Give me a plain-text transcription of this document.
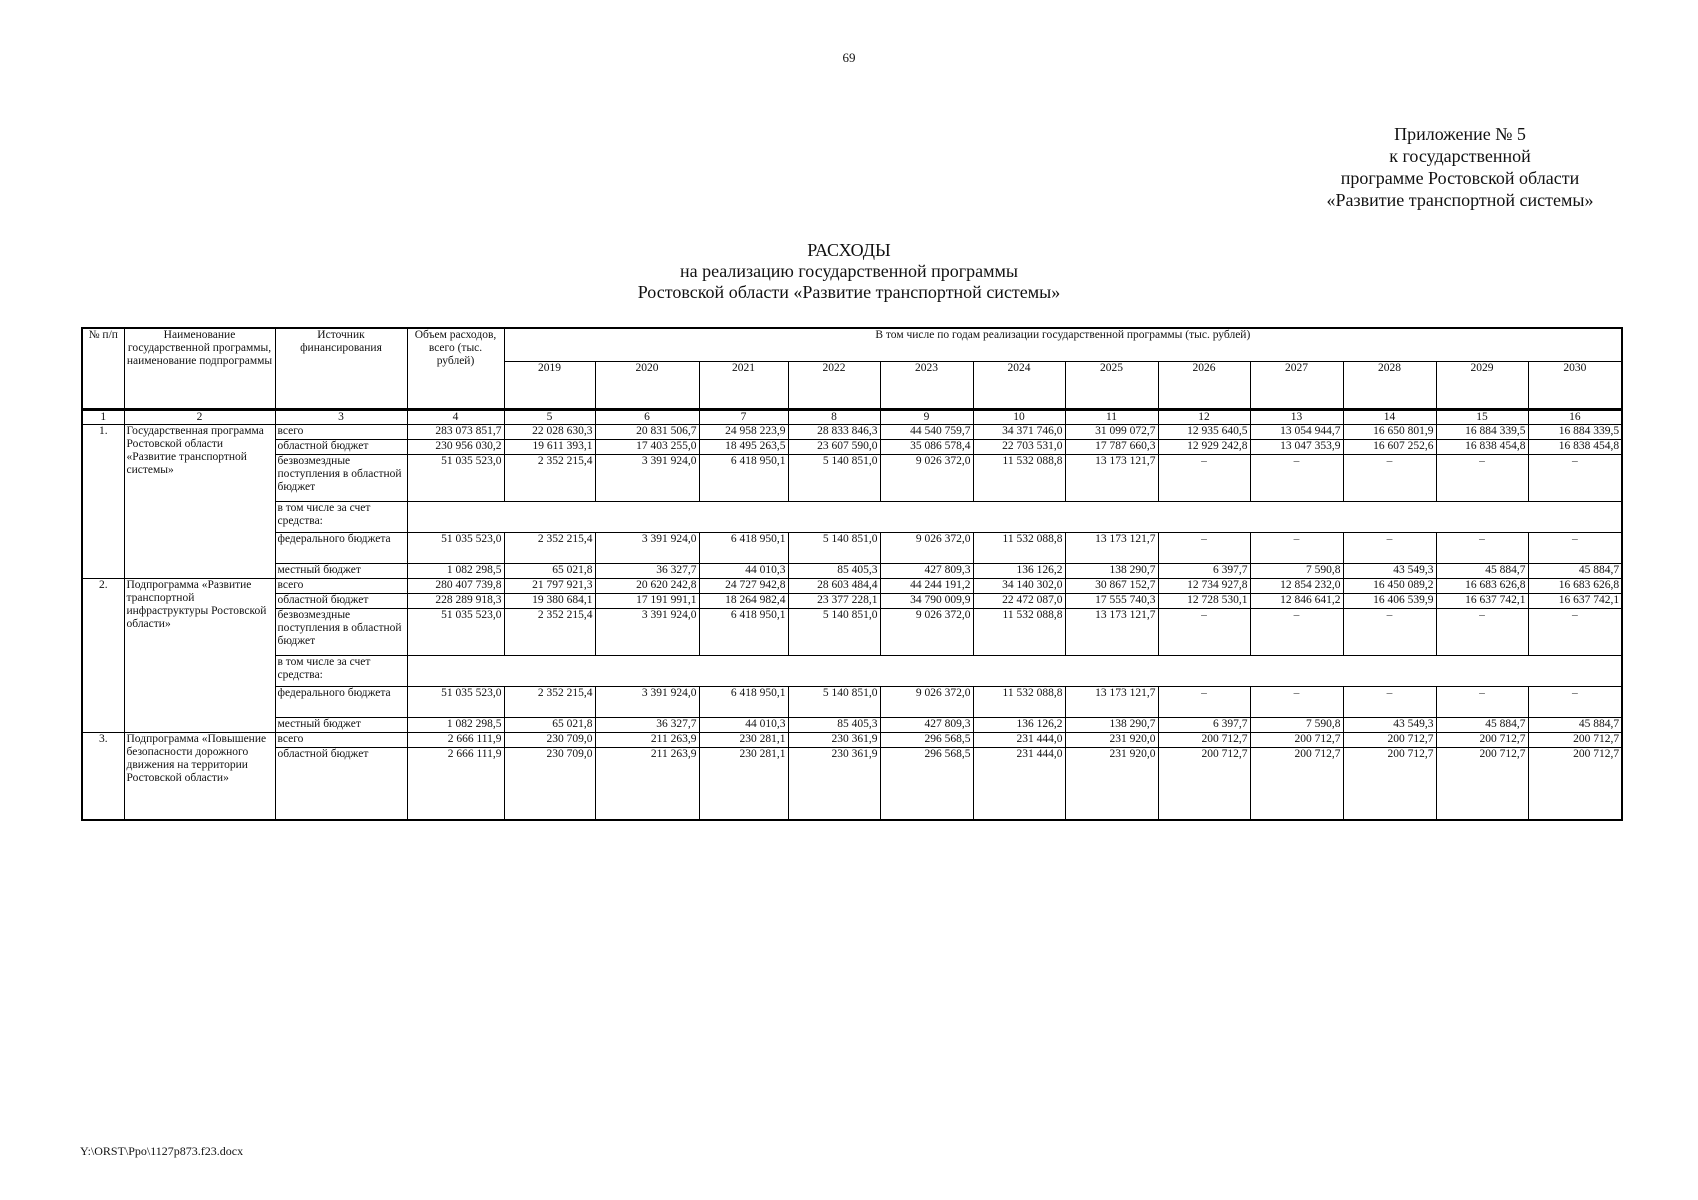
69
Приложение № 5
к государственной
программе Ростовской области
«Развитие транспортной системы»
РАСХОДЫ
на реализацию государственной программы
Ростовской области «Развитие транспортной системы»
№ п/п	Наименование государственной программы, наименование подпрограммы	Источник финансирования	Объем расходов, всего (тыс. рублей)	В том числе по годам реализации государственной программы (тыс. рублей)											
				2019	2020	2021	2022	2023	2024	2025	2026	2027	2028	2029	2030
1	2	3	4	5	6	7	8	9	10	11	12	13	14	15	16
1.	Государственная программа Ростовской области «Развитие транспортной системы»	всего	283 073 851,7	22 028 630,3	20 831 506,7	24 958 223,9	28 833 846,3	44 540 759,7	34 371 746,0	31 099 072,7	12 935 640,5	13 054 944,7	16 650 801,9	16 884 339,5	16 884 339,5
		областной бюджет	230 956 030,2	19 611 393,1	17 403 255,0	18 495 263,5	23 607 590,0	35 086 578,4	22 703 531,0	17 787 660,3	12 929 242,8	13 047 353,9	16 607 252,6	16 838 454,8	16 838 454,8
		безвозмездные поступления в областной бюджет	51 035 523,0	2 352 215,4	3 391 924,0	6 418 950,1	5 140 851,0	9 026 372,0	11 532 088,8	13 173 121,7	–	–	–	–	–
		в том числе за счет средства:													
		федерального бюджета	51 035 523,0	2 352 215,4	3 391 924,0	6 418 950,1	5 140 851,0	9 026 372,0	11 532 088,8	13 173 121,7	–	–	–	–	–
		местный бюджет	1 082 298,5	65 021,8	36 327,7	44 010,3	85 405,3	427 809,3	136 126,2	138 290,7	6 397,7	7 590,8	43 549,3	45 884,7	45 884,7
2.	Подпрограмма «Развитие транспортной инфраструктуры Ростовской области»	всего	280 407 739,8	21 797 921,3	20 620 242,8	24 727 942,8	28 603 484,4	44 244 191,2	34 140 302,0	30 867 152,7	12 734 927,8	12 854 232,0	16 450 089,2	16 683 626,8	16 683 626,8
		областной бюджет	228 289 918,3	19 380 684,1	17 191 991,1	18 264 982,4	23 377 228,1	34 790 009,9	22 472 087,0	17 555 740,3	12 728 530,1	12 846 641,2	16 406 539,9	16 637 742,1	16 637 742,1
		безвозмездные поступления в областной бюджет	51 035 523,0	2 352 215,4	3 391 924,0	6 418 950,1	5 140 851,0	9 026 372,0	11 532 088,8	13 173 121,7	–	–	–	–	–
		в том числе за счет средства:													
		федерального бюджета	51 035 523,0	2 352 215,4	3 391 924,0	6 418 950,1	5 140 851,0	9 026 372,0	11 532 088,8	13 173 121,7	–	–	–	–	–
		местный бюджет	1 082 298,5	65 021,8	36 327,7	44 010,3	85 405,3	427 809,3	136 126,2	138 290,7	6 397,7	7 590,8	43 549,3	45 884,7	45 884,7
3.	Подпрограмма «Повышение безопасности дорожного движения на территории Ростовской области»	всего	2 666 111,9	230 709,0	211 263,9	230 281,1	230 361,9	296 568,5	231 444,0	231 920,0	200 712,7	200 712,7	200 712,7	200 712,7	200 712,7
		областной бюджет	2 666 111,9	230 709,0	211 263,9	230 281,1	230 361,9	296 568,5	231 444,0	231 920,0	200 712,7	200 712,7	200 712,7	200 712,7	200 712,7
Y:\ORST\Ppo\1127p873.f23.docx
